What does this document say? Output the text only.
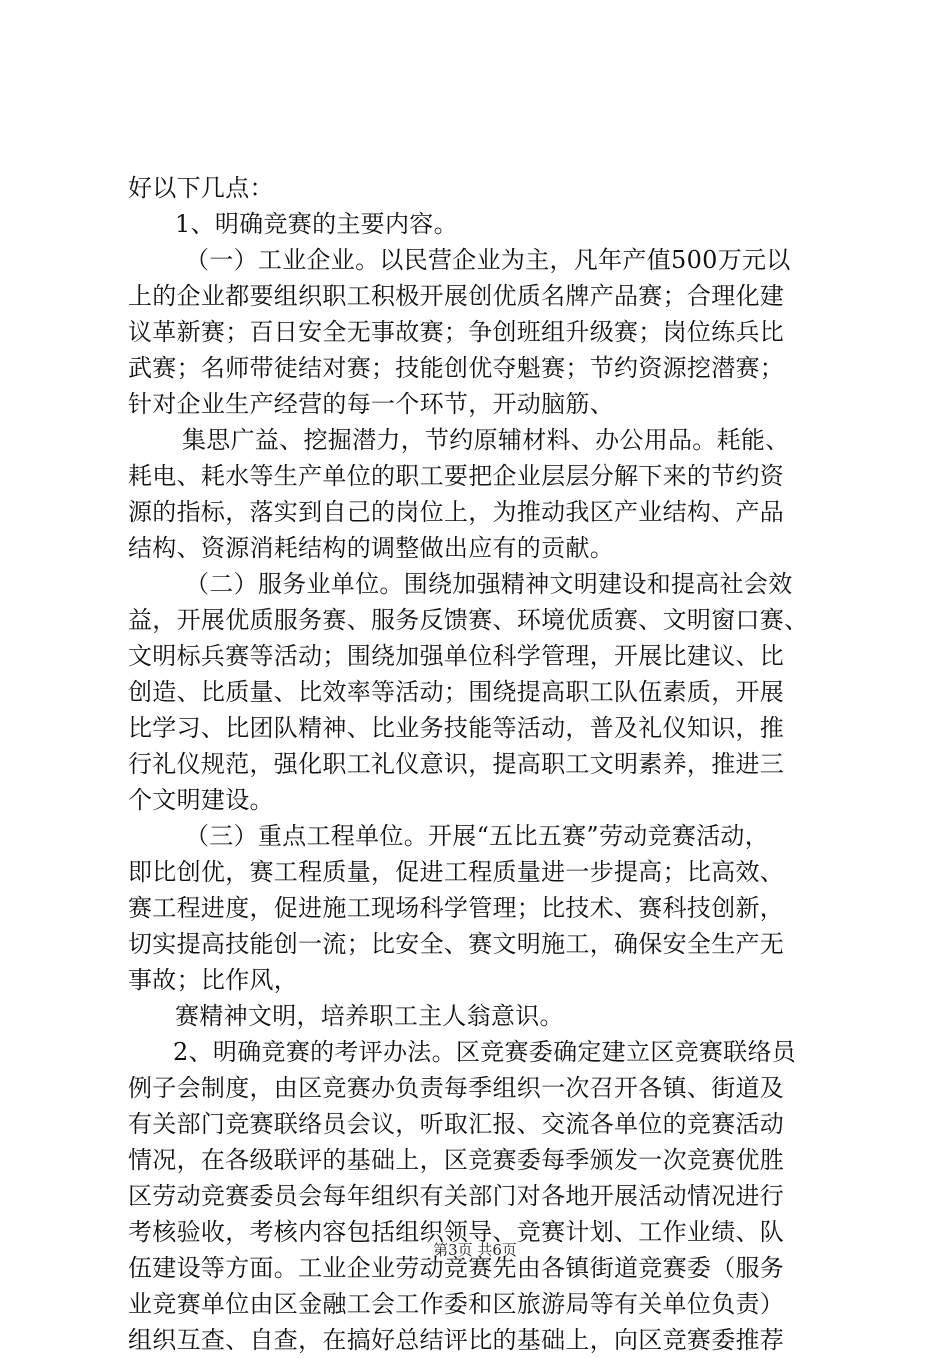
好以下几点：
1、明确竞赛的主要内容。
（一）工业企业。以民营企业为主，凡年产值500万元以
上的企业都要组织职工积极开展创优质名牌产品赛；合理化建
议革新赛；百日安全无事故赛；争创班组升级赛；岗位练兵比
武赛；名师带徒结对赛；技能创优夺魁赛；节约资源挖潜赛；
针对企业生产经营的每一个环节，开动脑筋、
集思广益、挖掘潜力，节约原辅材料、办公用品。耗能、
耗电、耗水等生产单位的职工要把企业层层分解下来的节约资
源的指标，落实到自己的岗位上，为推动我区产业结构、产品
结构、资源消耗结构的调整做出应有的贡献。
（二）服务业单位。围绕加强精神文明建设和提高社会效
益，开展优质服务赛、服务反馈赛、环境优质赛、文明窗口赛、
文明标兵赛等活动；围绕加强单位科学管理，开展比建议、比
创造、比质量、比效率等活动；围绕提高职工队伍素质，开展
比学习、比团队精神、比业务技能等活动，普及礼仪知识，推
行礼仪规范，强化职工礼仪意识，提高职工文明素养，推进三
个文明建设。
（三）重点工程单位。开展“五比五赛”劳动竞赛活动，
即比创优，赛工程质量，促进工程质量进一步提高；比高效、
赛工程进度，促进施工现场科学管理；比技术、赛科技创新，
切实提高技能创一流；比安全、赛文明施工，确保安全生产无
事故；比作风，
赛精神文明，培养职工主人翁意识。
2、明确竞赛的考评办法。区竞赛委确定建立区竞赛联络员
例子会制度，由区竞赛办负责每季组织一次召开各镇、街道及
有关部门竞赛联络员会议，听取汇报、交流各单位的竞赛活动
情况，在各级联评的基础上，区竞赛委每季颁发一次竞赛优胜
区劳动竞赛委员会每年组织有关部门对各地开展活动情况进行
考核验收，考核内容包括组织领导、竞赛计划、工作业绩、队
伍建设等方面。工业企业劳动竞赛先由各镇街道竞赛委（服务
业竞赛单位由区金融工会工作委和区旅游局等有关单位负责）
组织互查、自查，在搞好总结评比的基础上，向区竞赛委推荐
第3页 共6页
